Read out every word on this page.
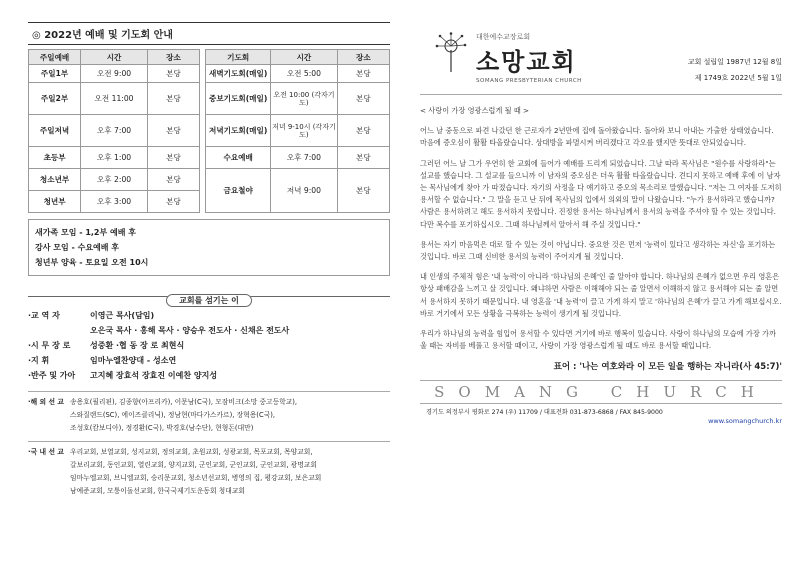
◎ 2022년 예배 및 기도회 안내
주일예배	시간	장소		기도회	시간	장소
주일1부	오전 9:00	본당		새벽기도회(매일)	오전 5:00	본당
주일2부	오전 11:00	본당		중보기도회(매일)	오전 10:00 (각자기도)	본당
주일저녁	오후 7:00	본당		저녁기도회(매일)	저녁 9-10시 (각자기도)	본당
초등부	오후 1:00	본당		수요예배	오후 7:00	본당
청소년부	오후 2:00	본당		금요철야	저녁 9:00	본당
청년부	오후 3:00	본당				
새가족 모임 - 1,2부 예배 후
강사 모임 - 수요예배 후
청년부 양육 - 토요일 오전 10시
교회를 섬기는 이
·교 역 자	이영근 목사(담임)
오은국 목사 · 홍해 목사 · 양승우 전도사 · 신채은 전도사
·시 무 장 로	성중환 ·협 동 장 로 최현식
·지 휘	임마누엘찬양대 - 성소연
·반주 및 가아	고지혜 장효석 장효진 이예찬 양지성
·해 외 선 교 송용호(필리핀), 김종향(아프리카), 이문남(C국), 모잠비크(소망 중고등학교),
스와질랜드(SC), 에이즈클리닉), 정남현(마다가스카르), 장혁용(C국),
조성호(캄보디아), 정경환(C국), 박경호(남수단), 현형돈(대만)
·국 내 선 교 우리교회, 보열교회, 성지교회, 정의교회, 초원교회, 성광교회, 목포교회, 목양교회,
갈보리교회, 동인교회, 열린교회, 양지교회, 군인교회, 군인교회, 군인교회, 광명교회
임마누엘교회, 브니엘교회, 승리문교회, 청소년선교회, 병영의 집, 평강교회, 보은교회
남예준교회, 모퉁이돌선교회, 한국국제기도운동회 청대교회
대한예수교장로회
소망교회
SOMANG PRESBYTERIAN CHURCH
교회 설립일 1987년 12월 8일
제 1749호 2022년 5월 1일
< 사랑이 가장 영광스럽게 될 때 >

어느 날 중동으로 파견 나갔던 한 근로자가 2년만에 집에 돌아왔습니다. 돌아와 보니 아내는 가출한 상태였습니다. 마음에 증오심이 활활 타올랐습니다. 상대방을 파멸시켜 버리겠다고 각오를 했지만 뜻대로 안되었습니다.

그러던 어느 날 그가 우연히 한 교회에 들어가 예배를 드리게 되었습니다. 그날 따라 목사님은 "원수를 사랑하라"는 설교를 했습니다. 그 설교를 들으니까 이 남자의 증오심은 더욱 활활 타올랐습니다. 견디지 못하고 예배 후에 이 남자는 목사님에게 찾아 가 따졌습니다. 자기의 사정을 다 얘기하고 증오의 목소리로 말했습니다. "저는 그 여자를 도저히 용서할 수 없습니다." 그 말을 듣고 난 뒤에 목사님의 입에서 의외의 말이 나왔습니다. "누가 용서하라고 했습니까? 사람은 용서하려고 해도 용서하지 못합니다. 진정한 용서는 하나님께서 용서의 능력을 주셔야 할 수 있는 것입니다. 다만 복수를 포기하십시오. 그때 하나님께서 알아서 해 주실 것입니다."

용서는 자기 마음먹은 대로 할 수 있는 것이 아닙니다. 중요한 것은 먼저 '능력이 있다고 생각하는 자신'을 포기하는 것입니다. 바로 그때 신비한 용서의 능력이 주어지게 될 것입니다.

내 인생의 주체적 힘은 '내 능력'이 아니라 '하나님의 은혜'인 줄 알아야 합니다. 하나님의 은혜가 없으면 우리 영혼은 항상 패배감을 느끼고 살 것입니다. 왜냐하면 사람은 이해해야 되는 줄 알면서 이해하지 않고 용서해야 되는 줄 알면서 용서하지 못하기 때문입니다. 내 영혼을 '내 능력'이 끌고 가게 하지 말고 '하나님의 은혜'가 끌고 가게 해보십시오. 바로 거기에서 모든 상황을 극복하는 능력이 생기게 될 것입니다.

우리가 하나님의 능력을 힘입어 용서할 수 있다면 거기에 바로 행복이 있습니다. 사랑이 하나님의 모습에 가장 가까울 때는 자비를 베풀고 용서할 때이고, 사랑이 가장 영광스럽게 될 때도 바로 용서할 때입니다.

표어 : '나는 여호와라 이 모든 일을 행하는 자니라(사 45:7)'
SOMANG CHURCH
경기도 의정부시 평화로 274 (우) 11709 / 대표전화 031-873-6868 / FAX 845-9000
www.somangchurch.kr
